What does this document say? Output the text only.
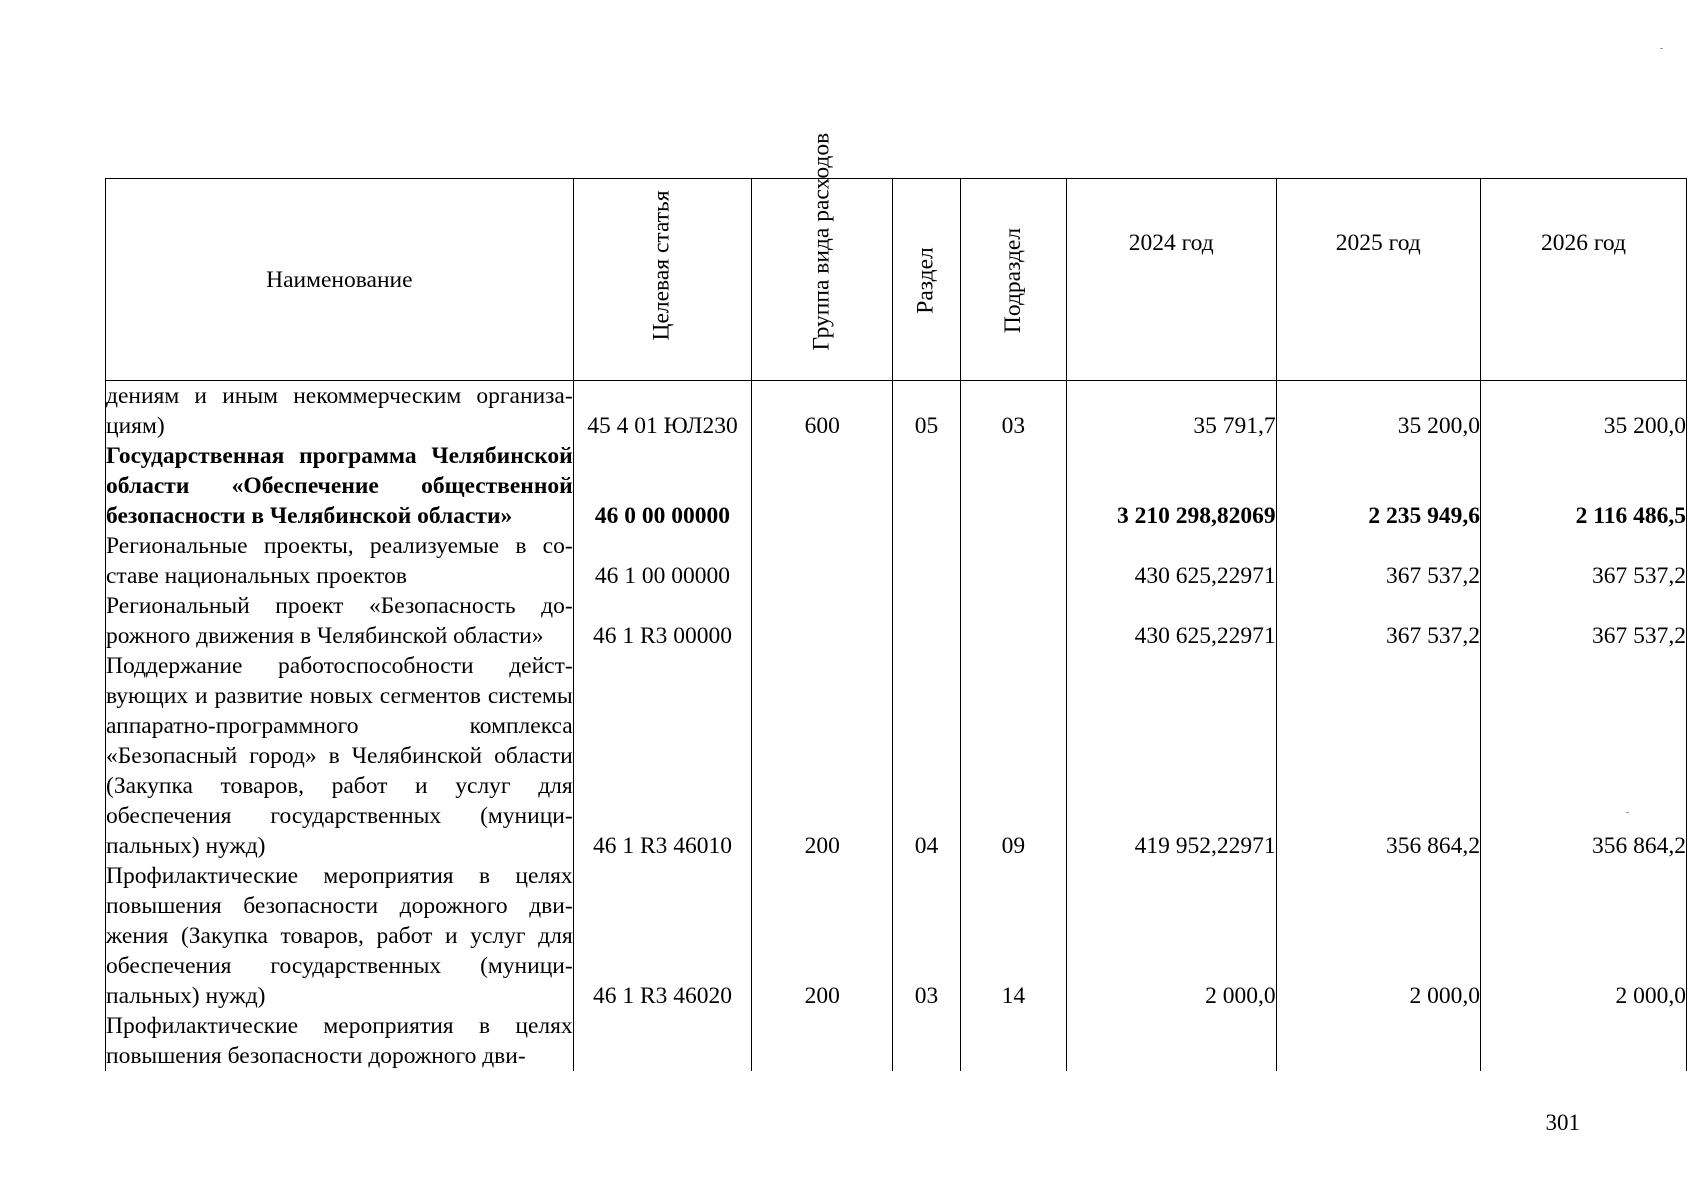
Наименование	Целевая статья	Группа вида расходов	Раздел	Подраздел	2024 год	2025 год	2026 год
дениям и иным некоммерческим организациям)	45 4 01 ЮЛ230	600	05	03	35 791,7	35 200,0	35 200,0
Государственная программа Челябинской области «Обеспечение общественной безопасности в Челябинской области»	46 0 00 00000				3 210 298,82069	2 235 949,6	2 116 486,5
Региональные проекты, реализуемые в составе национальных проектов	46 1 00 00000				430 625,22971	367 537,2	367 537,2
Региональный проект «Безопасность дорожного движения в Челябинской области»	46 1 R3 00000				430 625,22971	367 537,2	367 537,2
Поддержание работоспособности действующих и развитие новых сегментов системы аппаратно-программного комплекса «Безопасный город» в Челябинской области (Закупка товаров, работ и услуг для обеспечения государственных (муниципальных) нужд)	46 1 R3 46010	200	04	09	419 952,22971	356 864,2	356 864,2
Профилактические мероприятия в целях повышения безопасности дорожного движения (Закупка товаров, работ и услуг для обеспечения государственных (муниципальных) нужд)	46 1 R3 46020	200	03	14	2 000,0	2 000,0	2 000,0
Профилактические мероприятия в целях повышения безопасности дорожного дви-							
301
